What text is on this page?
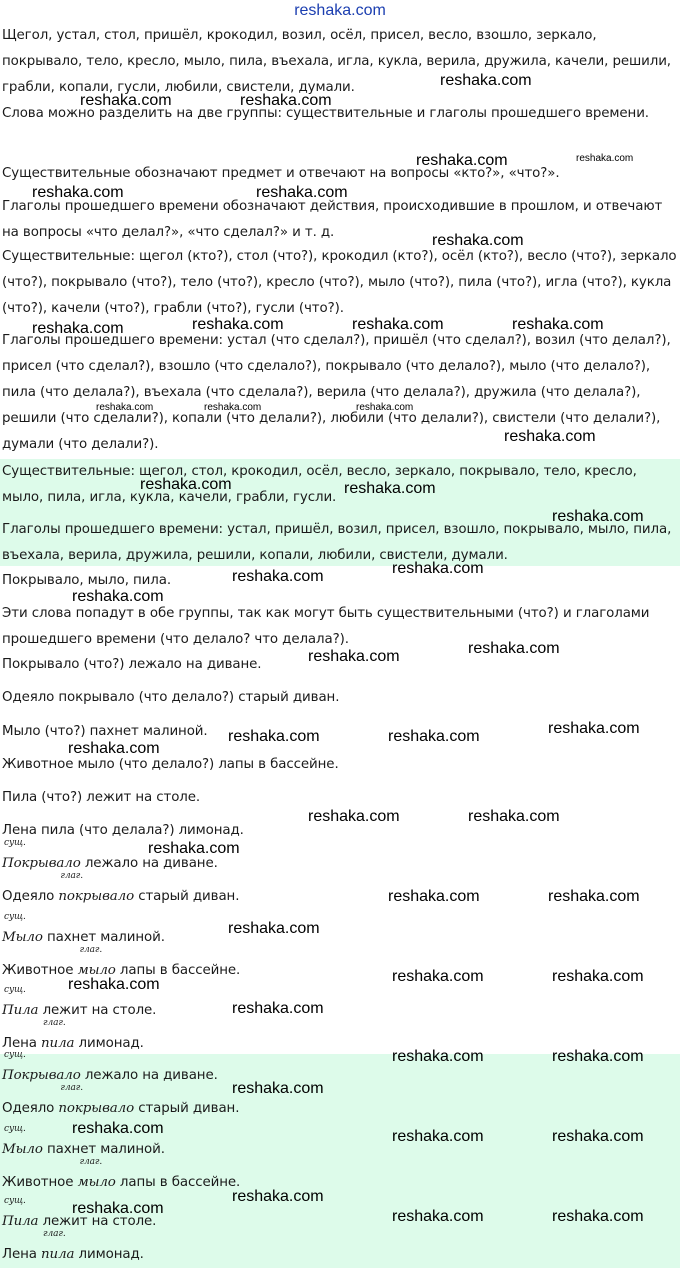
reshaka.com
Щегол, устал, стол, пришёл, крокодил, возил, осёл, присел, весло, взошло, зеркало, покрывало, тело, кресло, мыло, пила, въехала, игла, кукла, верила, дружила, качели, решили, грабли, копали, гусли, любили, свистели, думали.
Слова можно разделить на две группы: существительные и глаголы прошедшего времени.
Существительные обозначают предмет и отвечают на вопросы «кто?», «что?».
Глаголы прошедшего времени обозначают действия, происходившие в прошлом, и отвечают на вопросы «что делал?», «что сделал?» и т. д.
Существительные: щегол (кто?), стол (что?), крокодил (кто?), осёл (кто?), весло (что?), зеркало (что?), покрывало (что?), тело (что?), кресло (что?), мыло (что?), пила (что?), игла (что?), кукла (что?), качели (что?), грабли (что?), гусли (что?).
Глаголы прошедшего времени: устал (что сделал?), пришёл (что сделал?), возил (что делал?), присел (что сделал?), взошло (что сделало?), покрывало (что делало?), мыло (что делало?), пила (что делала?), въехала (что сделала?), верила (что делала?), дружила (что делала?), решили (что сделали?), копали (что делали?), любили (что делали?), свистели (что делали?), думали (что делали?).
Существительные: щегол, стол, крокодил, осёл, весло, зеркало, покрывало, тело, кресло, мыло, пила, игла, кукла, качели, грабли, гусли.
Глаголы прошедшего времени: устал, пришёл, возил, присел, взошло, покрывало, мыло, пила, въехала, верила, дружила, решили, копали, любили, свистели, думали.
Покрывало, мыло, пила.
Эти слова попадут в обе группы, так как могут быть существительными (что?) и глаголами прошедшего времени (что делало? что делала?).
Покрывало (что?) лежало на диване.
Одеяло покрывало (что делало?) старый диван.
Мыло (что?) пахнет малиной.
Животное мыло (что делало?) лапы в бассейне.
Пила (что?) лежит на столе.
Лена пила (что делала?) лимонад.
сущ.
Покрывало лежало на диване.
Одеяло
глаг.
покрывало старый диван.
сущ.
Мыло пахнет малиной.
Животное
глаг.
мыло лапы в бассейне.
сущ.
Пила лежит на столе.
Лена
глаг.
пила лимонад.
сущ.
Покрывало лежало на диване.
Одеяло
глаг.
покрывало старый диван.
сущ.
Мыло пахнет малиной.
Животное
глаг.
мыло лапы в бассейне.
сущ.
Пила лежит на столе.
Лена
глаг.
пила лимонад.
reshaka.com
reshaka.com	reshaka.com
reshaka.com	reshaka.com
reshaka.com	reshaka.com
reshaka.com
reshaka.com	reshaka.com	reshaka.com	reshaka.com
reshaka.com	reshaka.com	reshaka.com
reshaka.com
reshaka.com	reshaka.com
reshaka.com
reshaka.com
reshaka.com
reshaka.com
reshaka.com	reshaka.com
reshaka.com
reshaka.com	reshaka.com
reshaka.com
reshaka.com	reshaka.com
reshaka.com
reshaka.com	reshaka.com
reshaka.com
reshaka.com	reshaka.com	reshaka.com
reshaka.com
reshaka.com	reshaka.com
reshaka.com
reshaka.com	reshaka.com	reshaka.com
reshaka.com
reshaka.com	reshaka.com	reshaka.com
